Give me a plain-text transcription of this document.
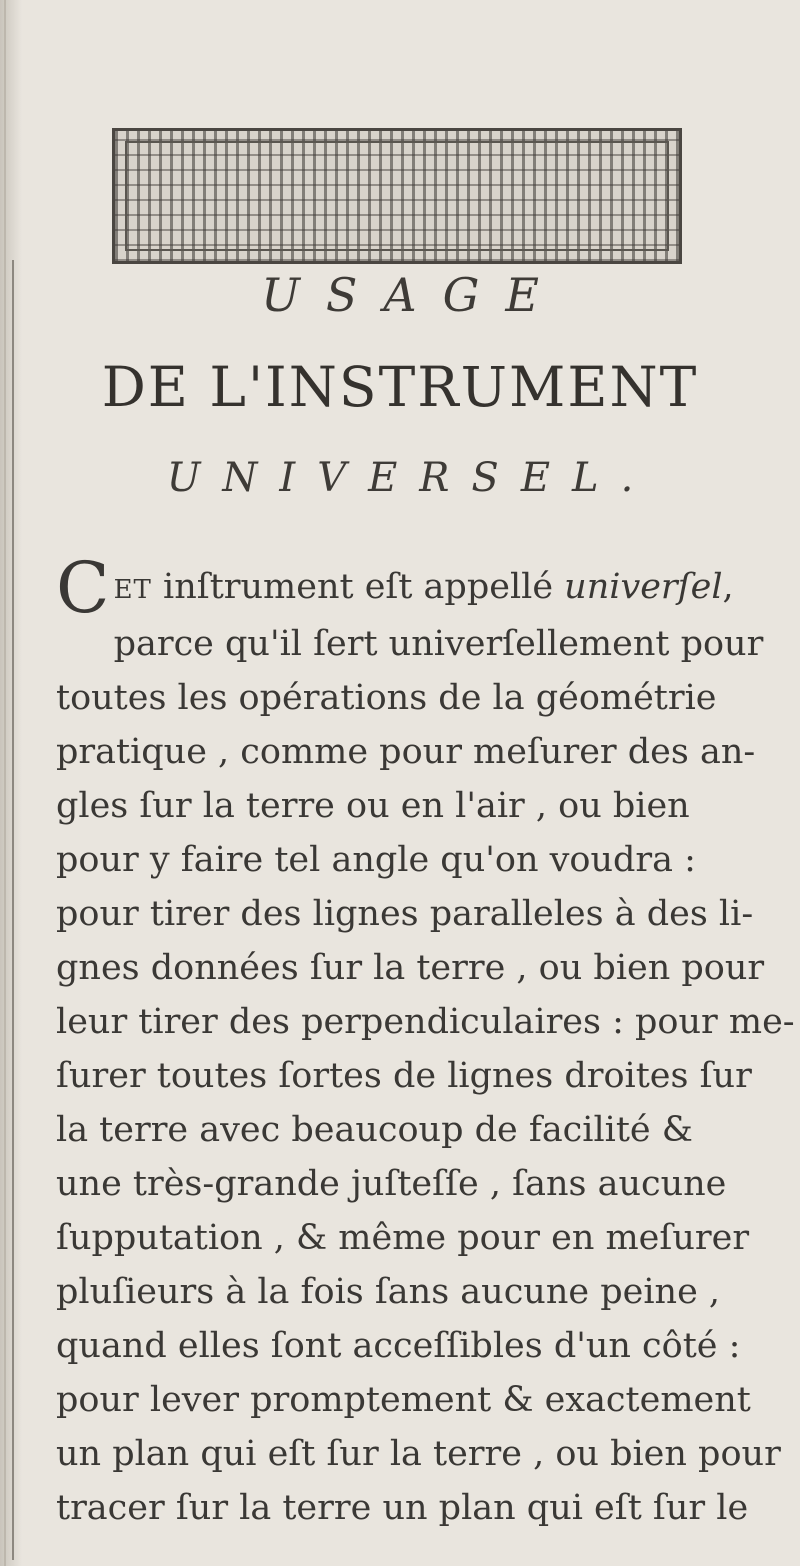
USAGE
DE L'INSTRUMENT
UNIVERSEL.
CET inſtrument eſt appellé univerſel,
parce qu'il ſert univerſellement pour
toutes les opérations de la géométrie
pratique , comme pour meſurer des an-
gles ſur la terre ou en l'air , ou bien
pour y faire tel angle qu'on voudra :
pour tirer des lignes paralleles à des li-
gnes données ſur la terre , ou bien pour
leur tirer des perpendiculaires : pour me-
ſurer toutes ſortes de lignes droites ſur
la terre avec beaucoup de facilité &
une très-grande juſteſſe , ſans aucune
ſupputation , & même pour en meſurer
pluſieurs à la fois ſans aucune peine ,
quand elles ſont acceſſibles d'un côté :
pour lever promptement & exactement
un plan qui eſt ſur la terre , ou bien pour
tracer ſur la terre un plan qui eſt ſur le
